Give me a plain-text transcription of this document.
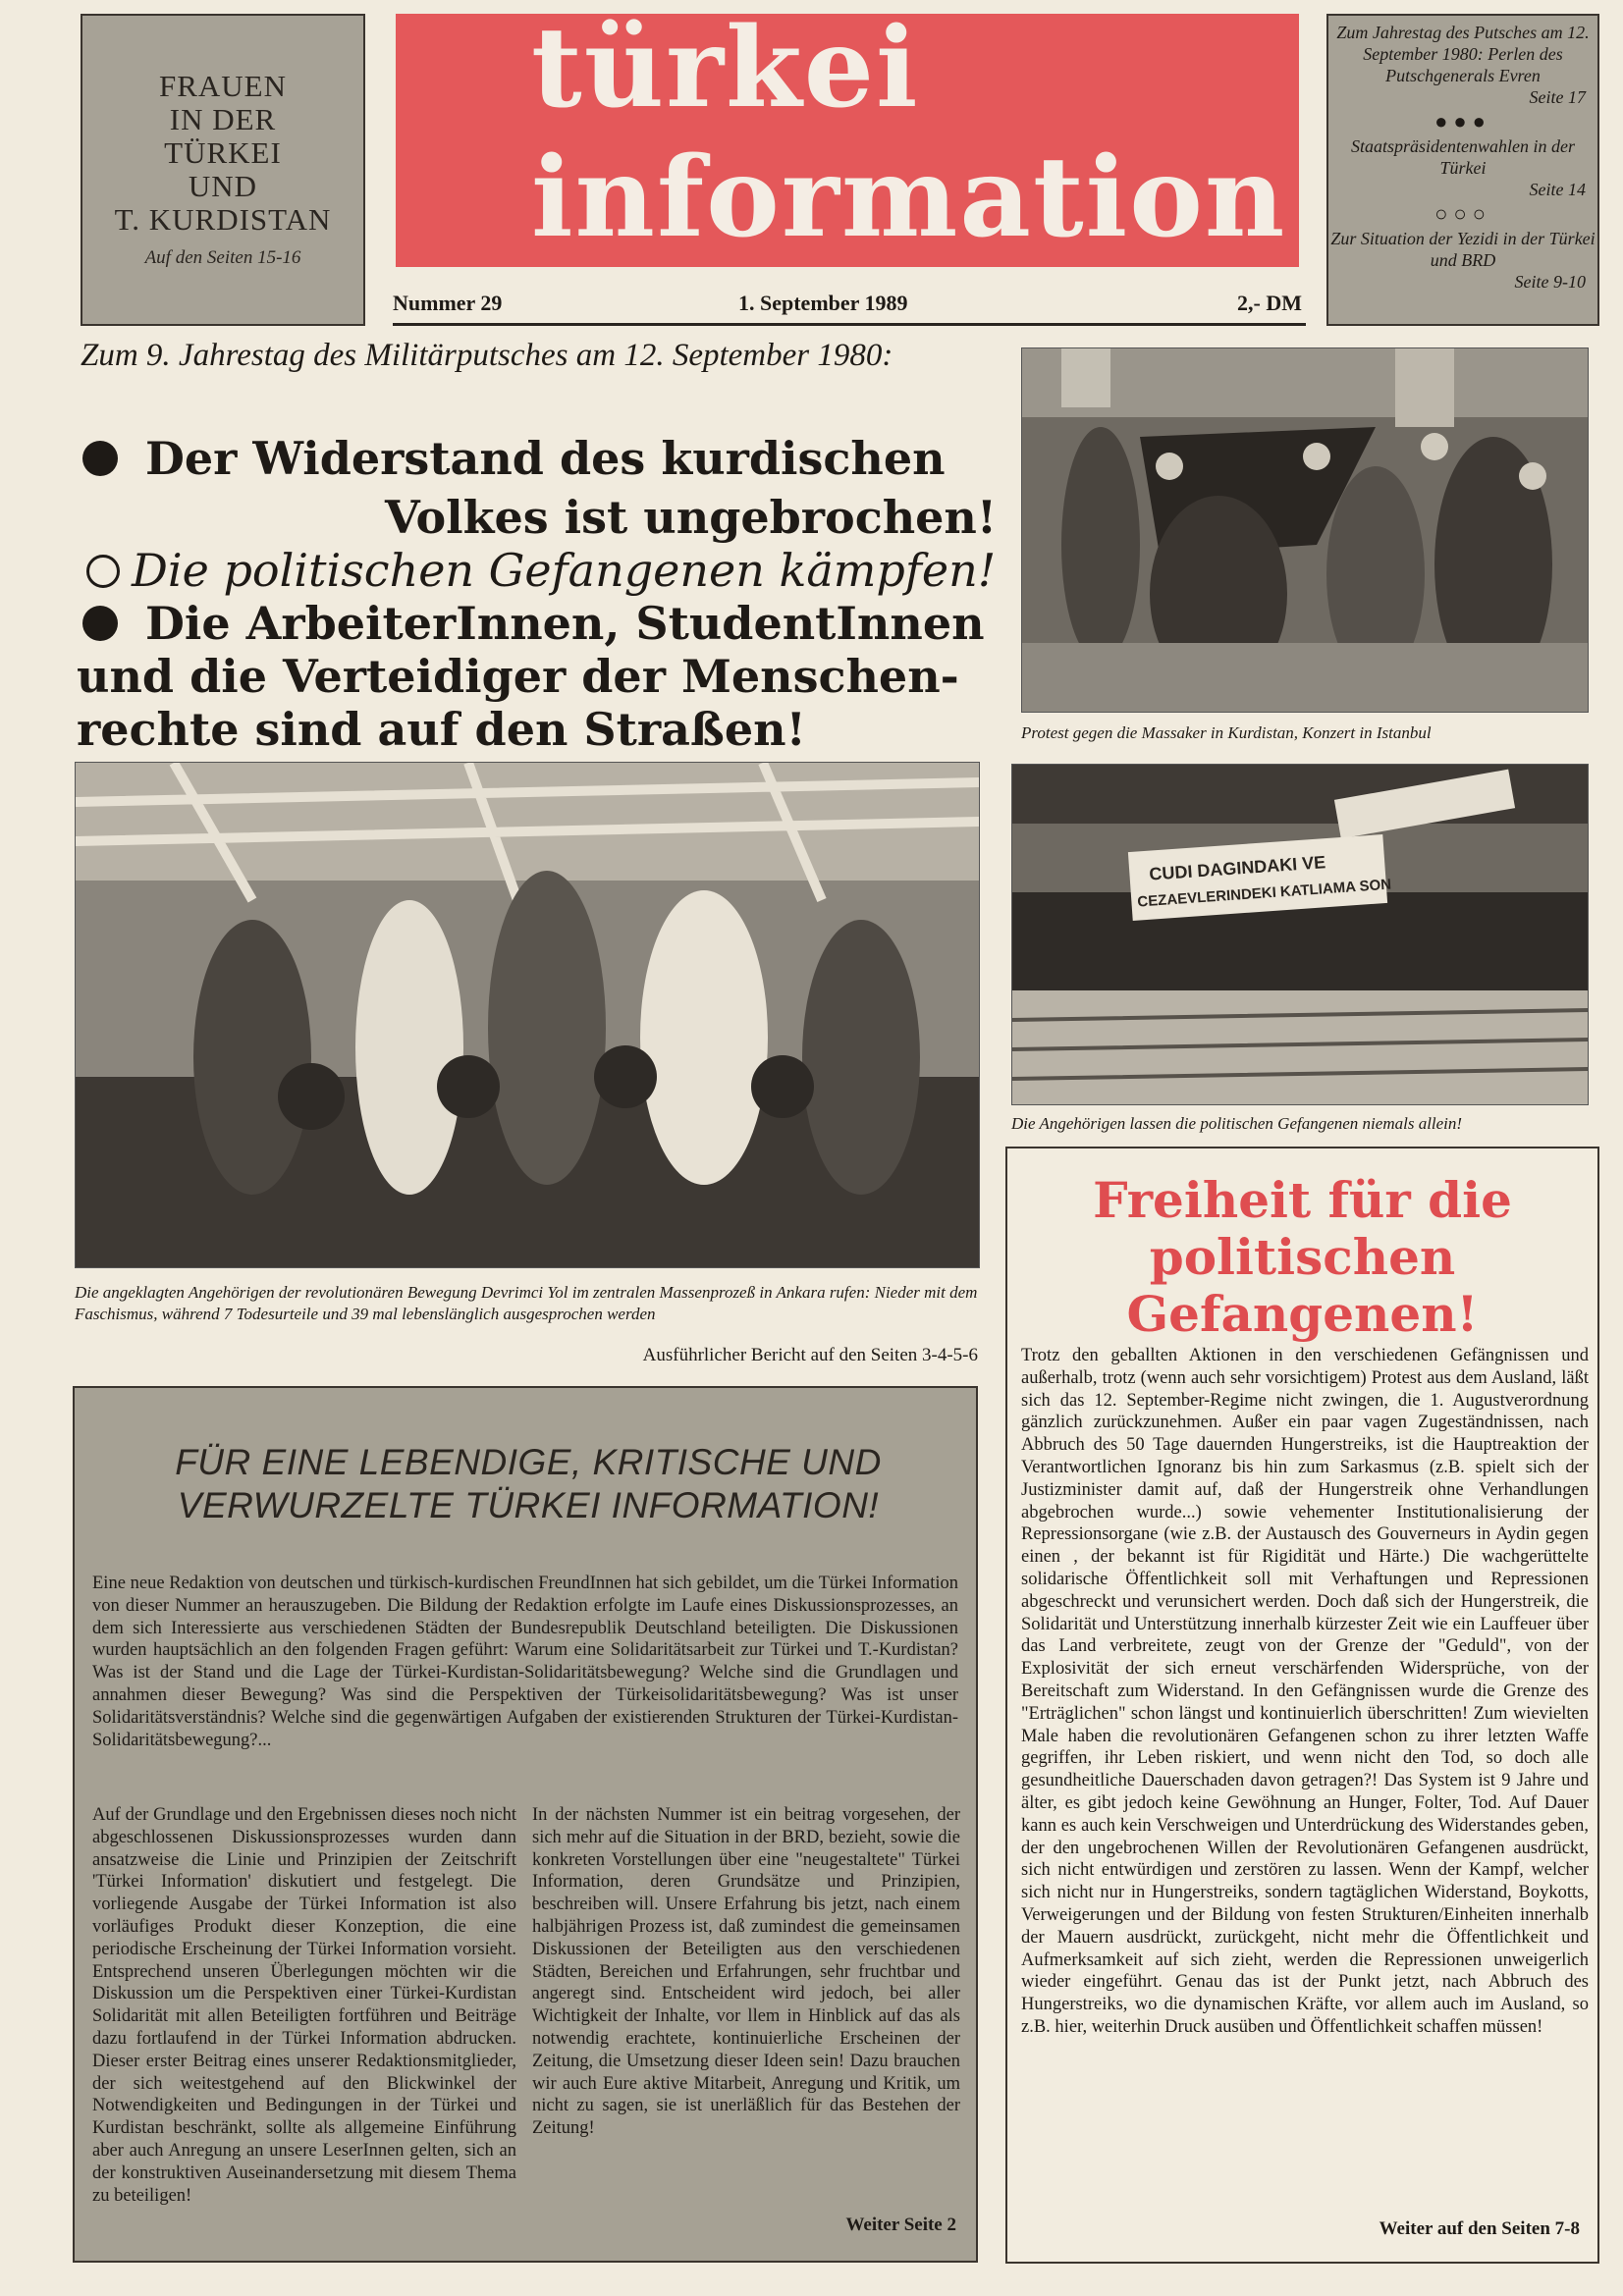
FRAUEN
IN DER
TÜRKEI
UND
T. KURDISTAN
Auf den Seiten 15-16
türkei
information
Nummer 29	1. September 1989	2,- DM
Zum Jahrestag des Putsches am 12. September 1980: Perlen des Putschgenerals Evren
Seite 17
●●●
Staatspräsidentenwahlen in der Türkei
Seite 14
○○○
Zur Situation der Yezidi in der Türkei und BRD
Seite 9-10
Zum 9. Jahrestag des Militärputsches am 12. September 1980:
Der Widerstand des kurdischen
Volkes ist ungebrochen!
Die politischen Gefangenen kämpfen!
Die ArbeiterInnen, StudentInnen
und die Verteidiger der Menschen-
rechte sind auf den Straßen!	Protest gegen die Massaker in Kurdistan, Konzert in Istanbul
Die angeklagten Angehörigen der revolutionären Bewegung Devrimci Yol im zentralen Massenprozeß in Ankara rufen: Nieder mit dem Faschismus, während 7 Todesurteile und 39 mal lebenslänglich ausgesprochen werden
Ausführlicher Bericht auf den Seiten 3-4-5-6
CUDI DAGINDAKI VE
CEZAEVLERINDEKI KATLIAMA SON
Die Angehörigen lassen die politischen Gefangenen niemals allein!
FÜR EINE LEBENDIGE, KRITISCHE UND
VERWURZELTE TÜRKEI INFORMATION!
Eine neue Redaktion von deutschen und türkisch-kurdischen FreundInnen hat sich gebildet, um die Türkei Information von dieser Nummer an herauszugeben. Die Bildung der Redaktion erfolgte im Laufe eines Diskussionsprozesses, an dem sich Interessierte aus verschiedenen Städten der Bundesrepublik Deutschland beteiligten. Die Diskussionen wurden hauptsächlich an den folgenden Fragen geführt: Warum eine Solidaritätsarbeit zur Türkei und T.-Kurdistan? Was ist der Stand und die Lage der Türkei-Kurdistan-Solidaritätsbewegung? Welche sind die Grundlagen und annahmen dieser Bewegung? Was sind die Perspektiven der Türkeisolidaritätsbewegung? Was ist unser Solidaritätsverständnis? Welche sind die gegenwärtigen Aufgaben der existierenden Strukturen der Türkei-Kurdistan-Solidaritätsbewegung?...
Auf der Grundlage und den Ergebnissen dieses noch nicht abgeschlossenen Diskussionsprozesses wurden dann ansatzweise die Linie und Prinzipien der Zeitschrift 'Türkei Information' diskutiert und festgelegt. Die vorliegende Ausgabe der Türkei Information ist also vorläufiges Produkt dieser Konzeption, die eine periodische Erscheinung der Türkei Information vorsieht. Entsprechend unseren Überlegungen möchten wir die Diskussion um die Perspektiven einer Türkei-Kurdistan Solidarität mit allen Beteiligten fortführen und Beiträge dazu fortlaufend in der Türkei Information abdrucken. Dieser erster Beitrag eines unserer Redaktionsmitglieder, der sich weitestgehend auf den Blickwinkel der Notwendigkeiten und Bedingungen in der Türkei und Kurdistan beschränkt, sollte als allgemeine Einführung aber auch Anregung an unsere LeserInnen gelten, sich an der konstruktiven Auseinandersetzung mit diesem Thema zu beteiligen!
In der nächsten Nummer ist ein beitrag vorgesehen, der sich mehr auf die Situation in der BRD, bezieht, sowie die konkreten Vorstellungen über eine "neugestaltete" Türkei Information, deren Grundsätze und Prinzipien, beschreiben will. Unsere Erfahrung bis jetzt, nach einem halbjährigen Prozess ist, daß zumindest die gemeinsamen Diskussionen der Beteiligten aus den verschiedenen Städten, Bereichen und Erfahrungen, sehr fruchtbar und angeregt sind. Entscheident wird jedoch, bei aller Wichtigkeit der Inhalte, vor llem in Hinblick auf das als notwendig erachtete, kontinuierliche Erscheinen der Zeitung, die Umsetzung dieser Ideen sein! Dazu brauchen wir auch Eure aktive Mitarbeit, Anregung und Kritik, um nicht zu sagen, sie ist unerläßlich für das Bestehen der Zeitung!
Weiter Seite 2
Freiheit für die
politischen
Gefangenen!
Trotz den geballten Aktionen in den verschiedenen Gefängnissen und außerhalb, trotz (wenn auch sehr vorsichtigem) Protest aus dem Ausland, läßt sich das 12. September-Regime nicht zwingen, die 1. Augustverordnung gänzlich zurückzunehmen. Außer ein paar vagen Zugeständnissen, nach Abbruch des 50 Tage dauernden Hungerstreiks, ist die Hauptreaktion der Verantwortlichen Ignoranz bis hin zum Sarkasmus (z.B. spielt sich der Justizminister damit auf, daß der Hungerstreik ohne Verhandlungen abgebrochen wurde...) sowie vehementer Institutionalisierung der Repressionsorgane (wie z.B. der Austausch des Gouverneurs in Aydin gegen einen , der bekannt ist für Rigidität und Härte.) Die wachgerüttelte solidarische Öffentlichkeit soll mit Verhaftungen und Repressionen abgeschreckt und verunsichert werden. Doch daß sich der Hungerstreik, die Solidarität und Unterstützung innerhalb kürzester Zeit wie ein Lauffeuer über das Land verbreitete, zeugt von der Grenze der "Geduld", von der Explosivität der sich erneut verschärfenden Widersprüche, von der Bereitschaft zum Widerstand. In den Gefängnissen wurde die Grenze des "Erträglichen" schon längst und kontinuierlich überschritten! Zum wievielten Male haben die revolutionären Gefangenen schon zu ihrer letzten Waffe gegriffen, ihr Leben riskiert, und wenn nicht den Tod, so doch alle gesundheitliche Dauerschaden davon getragen?! Das System ist 9 Jahre und älter, es gibt jedoch keine Gewöhnung an Hunger, Folter, Tod. Auf Dauer kann es auch kein Verschweigen und Unterdrückung des Widerstandes geben, der den ungebrochenen Willen der Revolutionären Gefangenen ausdrückt, sich nicht entwürdigen und zerstören zu lassen. Wenn der Kampf, welcher sich nicht nur in Hungerstreiks, sondern tagtäglichen Widerstand, Boykotts, Verweigerungen und der Bildung von festen Strukturen/Einheiten innerhalb der Mauern ausdrückt, zurückgeht, nicht mehr die Öffentlichkeit und Aufmerksamkeit auf sich zieht, werden die Repressionen unweigerlich wieder eingeführt. Genau das ist der Punkt jetzt, nach Abbruch des Hungerstreiks, wo die dynamischen Kräfte, vor allem auch im Ausland, so z.B. hier, weiterhin Druck ausüben und Öffentlichkeit schaffen müssen!
Weiter auf den Seiten 7-8
